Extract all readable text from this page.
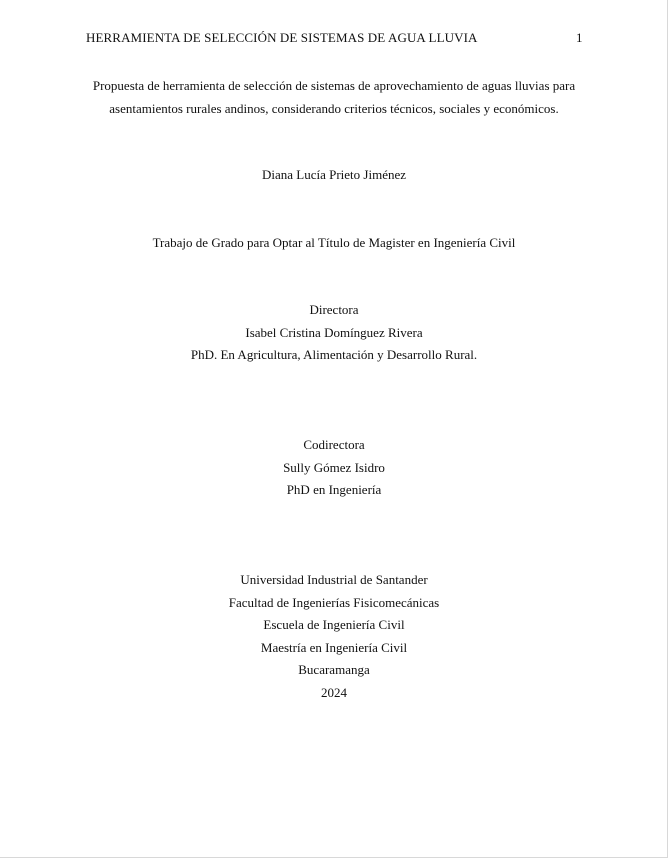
HERRAMIENTA DE SELECCIÓN DE SISTEMAS DE AGUA LLUVIA	1
Propuesta de herramienta de selección de sistemas de aprovechamiento de aguas lluvias para
asentamientos rurales andinos, considerando criterios técnicos, sociales y económicos.
Diana Lucía Prieto Jiménez
Trabajo de Grado para Optar al Título de Magister en Ingeniería Civil
Directora
Isabel Cristina Domínguez Rivera
PhD. En Agricultura, Alimentación y Desarrollo Rural.
Codirectora
Sully Gómez Isidro
PhD en Ingeniería
Universidad Industrial de Santander
Facultad de Ingenierías Fisicomecánicas
Escuela de Ingeniería Civil
Maestría en Ingeniería Civil
Bucaramanga
2024
